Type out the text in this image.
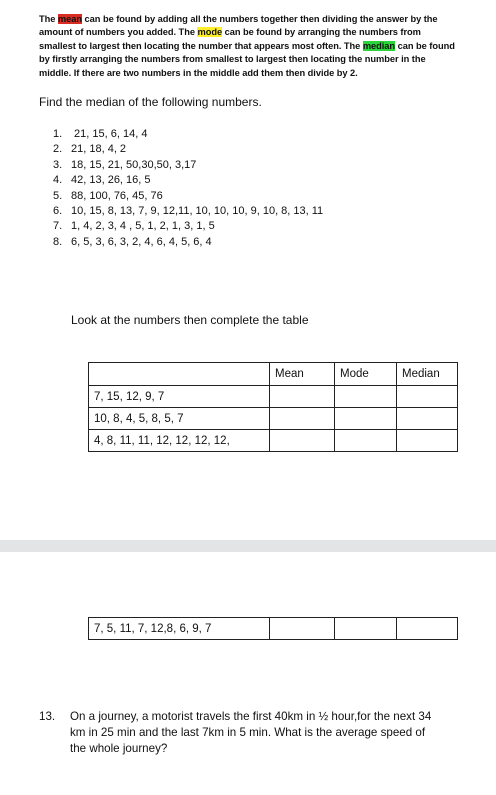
The mean can be found by adding all the numbers together then dividing the answer by the amount of numbers you added. The mode can be found by arranging the numbers from smallest to largest then locating the number that appears most often. The median can be found by firstly arranging the numbers from smallest to largest then locating the number in the middle. If there are two numbers in the middle add them then divide by 2.
Find the median of the following numbers.
1. 21, 15, 6, 14, 4
2. 21, 18, 4, 2
3. 18, 15, 21, 50,30,50, 3,17
4. 42, 13, 26, 16, 5
5. 88, 100, 76, 45, 76
6. 10, 15, 8, 13, 7, 9, 12,11, 10, 10, 10, 9, 10, 8, 13, 11
7. 1, 4, 2, 3, 4 , 5, 1, 2, 1, 3, 1, 5
8. 6, 5, 3, 6, 3, 2, 4, 6, 4, 5, 6, 4
Look at the numbers then complete the table
	Mean	Mode	Median
7, 15, 12, 9, 7			
10, 8, 4, 5, 8, 5, 7			
4, 8, 11, 11, 12, 12, 12, 12,			
7, 5, 11, 7, 12,8, 6, 9, 7			
13. On a journey, a motorist travels the first 40km in ½ hour,for the next 34
km in 25 min and the last 7km in 5 min. What is the average speed of
the whole journey?
